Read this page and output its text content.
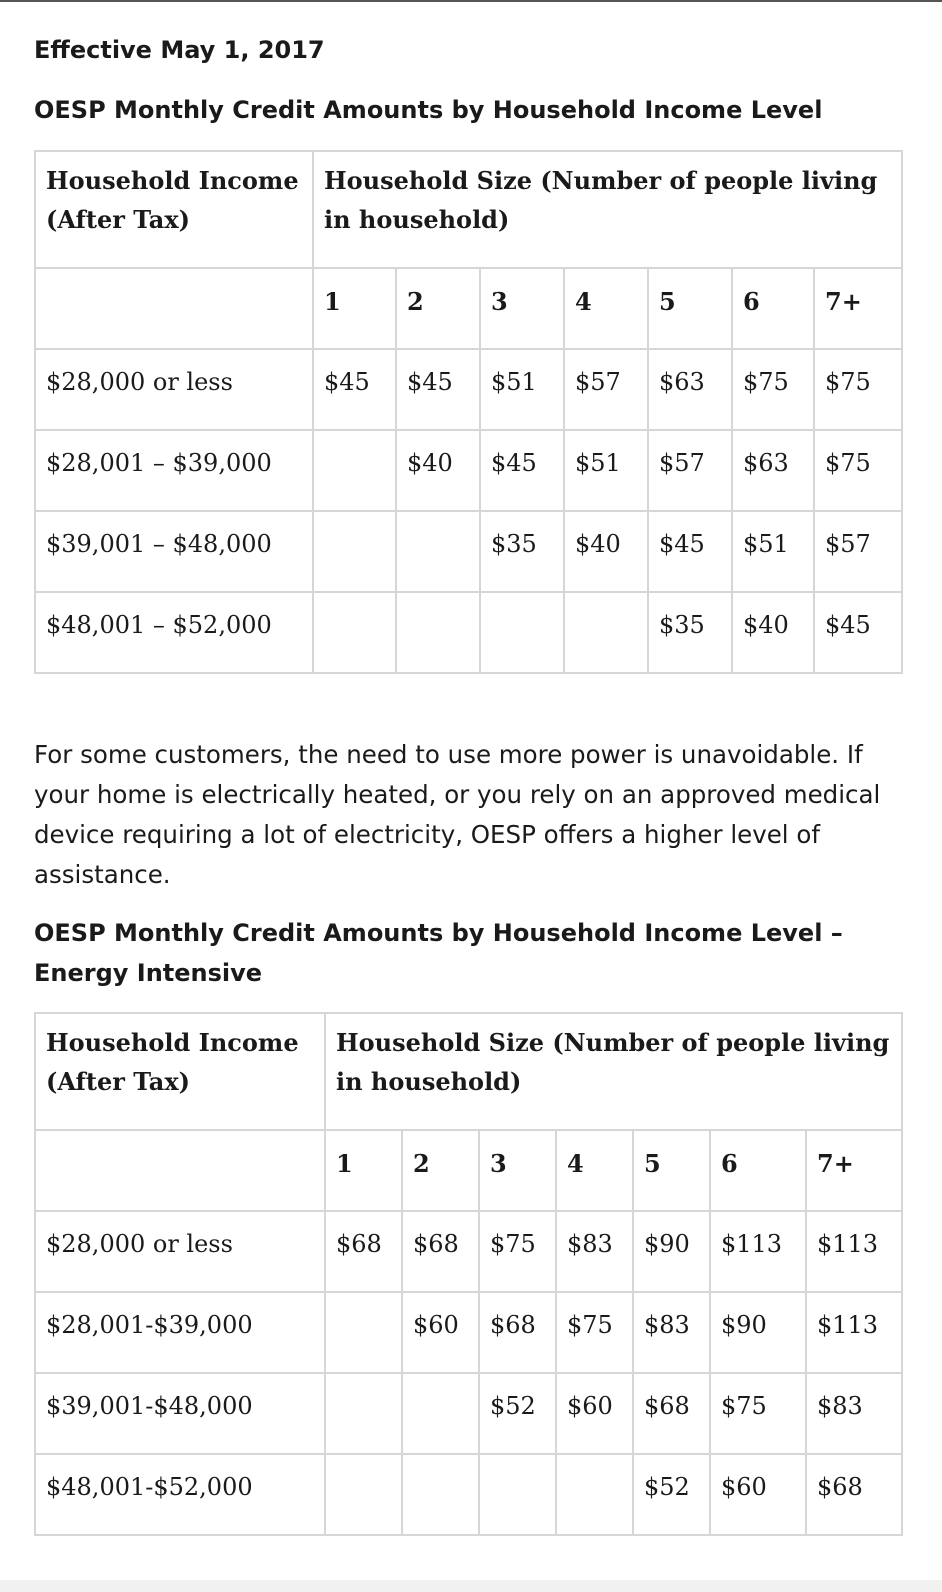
Effective May 1, 2017
OESP Monthly Credit Amounts by Household Income Level
Household Income (After Tax)	Household Size (Number of people living in household)						
	1	2	3	4	5	6	7+
$28,000 or less	$45	$45	$51	$57	$63	$75	$75
$28,001 – $39,000		$40	$45	$51	$57	$63	$75
$39,001 – $48,000			$35	$40	$45	$51	$57
$48,001 – $52,000					$35	$40	$45

For some customers, the need to use more power is unavoidable. If your home is electrically heated, or you rely on an approved medical device requiring a lot of electricity, OESP offers a higher level of assistance.

OESP Monthly Credit Amounts by Household Income Level – Energy Intensive
Household Income (After Tax)	Household Size (Number of people living in household)						
	1	2	3	4	5	6	7+
$28,000 or less	$68	$68	$75	$83	$90	$113	$113
$28,001-$39,000		$60	$68	$75	$83	$90	$113
$39,001-$48,000			$52	$60	$68	$75	$83
$48,001-$52,000					$52	$60	$68
